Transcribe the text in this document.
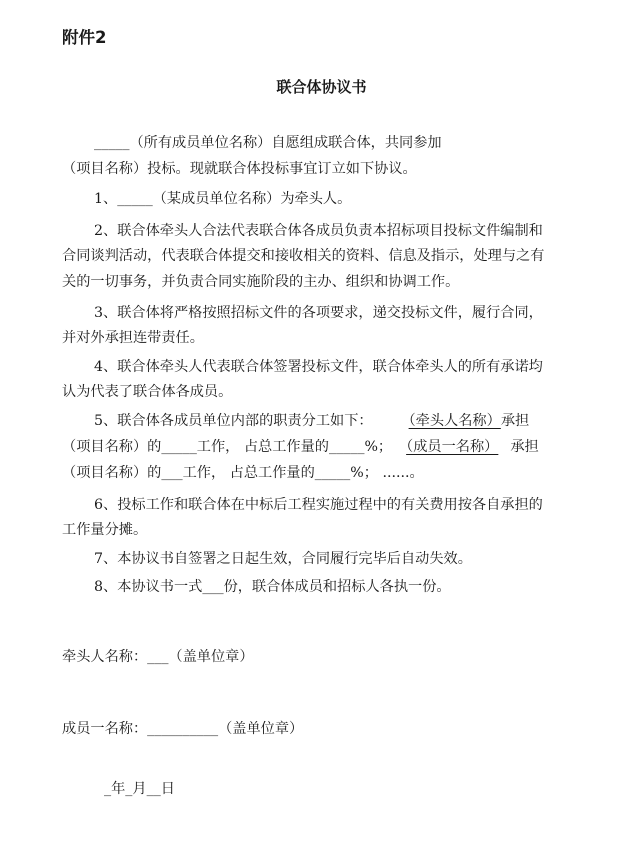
附件2
联合体协议书
_____（所有成员单位名称）自愿组成联合体，共同参加
（项目名称）投标。现就联合体投标事宜订立如下协议。
1、_____（某成员单位名称）为牵头人。
2、联合体牵头人合法代表联合体各成员负责本招标项目投标文件编制和
合同谈判活动，代表联合体提交和接收相关的资料、信息及指示，处理与之有
关的一切事务，并负责合同实施阶段的主办、组织和协调工作。
3、联合体将严格按照招标文件的各项要求，递交投标文件，履行合同，
并对外承担连带责任。
4、联合体牵头人代表联合体签署投标文件，联合体牵头人的所有承诺均
认为代表了联合体各成员。
5、联合体各成员单位内部的职责分工如下：	（牵头人名称）承担
（项目名称）的_____工作， 占总工作量的_____%； （成员一名称） 承担
（项目名称）的___工作， 占总工作量的_____%； ......。
6、投标工作和联合体在中标后工程实施过程中的有关费用按各自承担的
工作量分摊。
7、本协议书自签署之日起生效，合同履行完毕后自动失效。
8、本协议书一式___份，联合体成员和招标人各执一份。
牵头人名称：___（盖单位章）
成员一名称：__________（盖单位章）
_年_月__日
